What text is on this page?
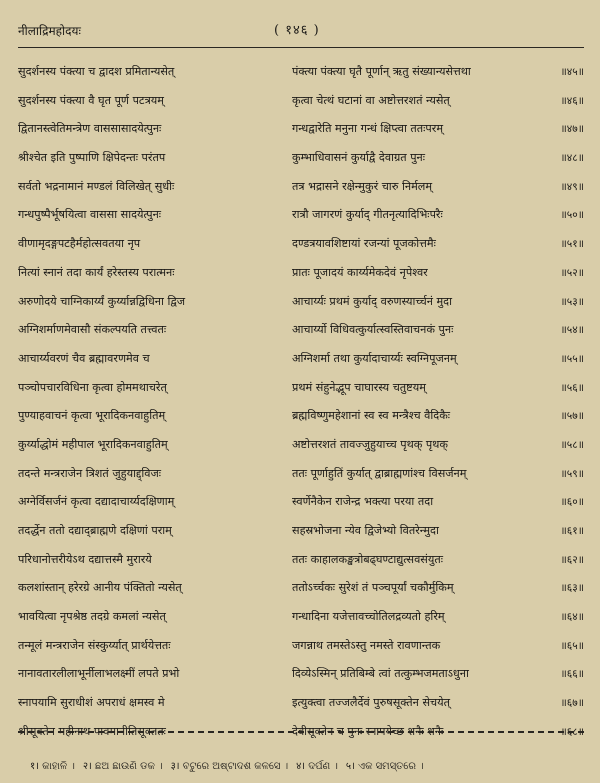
नीलाद्रिमहोदयः	( १४६ )
सुदर्शनस्य पंक्त्या च द्वादश प्रमितान्यसेत्	पंक्त्या पंक्त्या घृतै पूर्णान् ऋतु संख्यान्यसेत्तथा	॥४५॥
सुदर्शनस्य पंक्त्या वै घृत पूर्ण पटत्रयम्	कृत्वा चेत्थं घटानां वा अष्टोत्तरशतं न्यसेत्	॥४६॥
द्वितानस्त्वेतिमन्त्रेण वाससासादयेत्पुनः	गन्धद्वारेति मनुना गन्धं क्षिप्त्वा ततःपरम्	॥४७॥
श्रीश्चेत इति पुष्पाणि क्षिपेदन्तः परंतप	कुम्भाधिवासनं कुर्याद्वै देवाग्रत पुनः	॥४८॥
सर्वतो भद्रनामानं मण्डलं विलिखेत् सुधीः	तत्र भद्रासने रक्षेन्मुकुरं चारु निर्मलम्	॥४९॥
गन्धपुष्पैर्भूषयित्वा वाससा सादयेत्पुनः	रात्रौ जागरणं कुर्याद् गीतनृत्यादिभिःपरैः	॥५०॥
वीणामृदङ्गपटहैर्महोत्सवतया नृप	दण्डत्रयावशिष्टायां रजन्यां पूजकोत्तमैः	॥५१॥
नित्यां स्नानं तदा कार्यं हरेस्तस्य परात्मनः	प्रातः पूजादयं कार्य्यमेकदेवं नृपेश्वर	॥५२॥
अरुणोदये चाग्निकार्य्यं कुर्य्यान्नद्विधिना द्विज	आचार्य्यः प्रथमं कुर्याद् वरुणस्यार्च्चनं मुदा	॥५३॥
अग्निशर्माणमेवासौ संकल्पयति तत्त्वतः	आचार्य्यो विधिवत्कुर्यात्स्वस्तिवाचनकं पुनः	॥५४॥
आचार्य्यवरणं चैव ब्रह्मावरणमेव च	अग्निशर्मा तथा कुर्यादाचार्य्यः स्वग्निपूजनम्	॥५५॥
पञ्चोपचारविधिना कृत्वा होममथाचरेत्	प्रथमं संहुनेद्भूप चाघारस्य चतुष्टयम्	॥५६॥
पुण्याहवाचनं कृत्वा भूरादिकनवाहुतिम्	ब्रह्मविष्णुमहेशानां स्व स्व मन्त्रैश्च वैदिकैः	॥५७॥
कुर्य्याद्धोमं महीपाल भूरादिकनवाहुतिम्	अष्टोत्तरशतं तावज्जुहुयाच्च पृथक् पृथक्	॥५८॥
तदन्ते मन्त्रराजेन त्रिशतं जुहुयाद्द्विजः	ततः पूर्णाहुतिं कुर्यात् द्वाब्राह्मणांश्च विसर्जनम्	॥५९॥
अग्नेर्विसर्जनं कृत्वा दद्यादाचार्य्यदक्षिणाम्	स्वर्णेनैकेन राजेन्द्र भक्त्या परया तदा	॥६०॥
तदर्द्धेन ततो दद्याद्ब्राह्मणे दक्षिणां पराम्	सहस्रभोजना न्येव द्विजेभ्यो वितरेन्मुदा	॥६१॥
परिधानोत्तरीयेऽथ दद्यात्तस्मै मुरारये	ततः काहालकङ्खत्रोबढ्घण्टाद्युत्सवसंयुतः	॥६२॥
कलशांस्तान् हरेरग्रे आनीय पंक्तितो न्यसेत्	ततोऽर्च्चकः सुरेशं तं पञ्चपूर्यां चकौर्मुकिम्	॥६३॥
भावयित्वा नृपश्रेष्ठ तदग्रे कमलां न्यसेत्	गन्धादिना यजेत्तावच्चोतिलद्रव्यतो हरिम्	॥६४॥
तन्मूलं मन्त्रराजेन संस्कुर्य्यात् प्रार्थयेत्ततः	जगन्नाथ तमस्तेऽस्तु नमस्ते रावणान्तक	॥६५॥
नानावतारलीलाभूर्नीलाभलक्ष्मीं लपते प्रभो	दिव्येऽस्मिन् प्रतिबिम्बे त्वां तत्कुम्भजमताऽधुना	॥६६॥
स्नापयामि सुराधीशं अपराधं क्षमस्व मे	इत्युक्त्वा तज्जलैर्देवं पुरुषसूक्तेन सेचयेत्	॥६७॥
श्रीसूक्तेन महीनाथ पावमानीतिसूक्ततः	देवीसूक्तेन च पुनः स्नापयेच्छ शनैः शनैः	॥६८॥
१। କାହାଳି । २। ଛଅ ଛାଉଣି ଡକ । ३। ବଟୁରେ ଅଷ୍ଟାଦଶ କଳସେ । ४। ଦର୍ପଣ । ५। ଏକ ସମସ୍ତରେ ।
